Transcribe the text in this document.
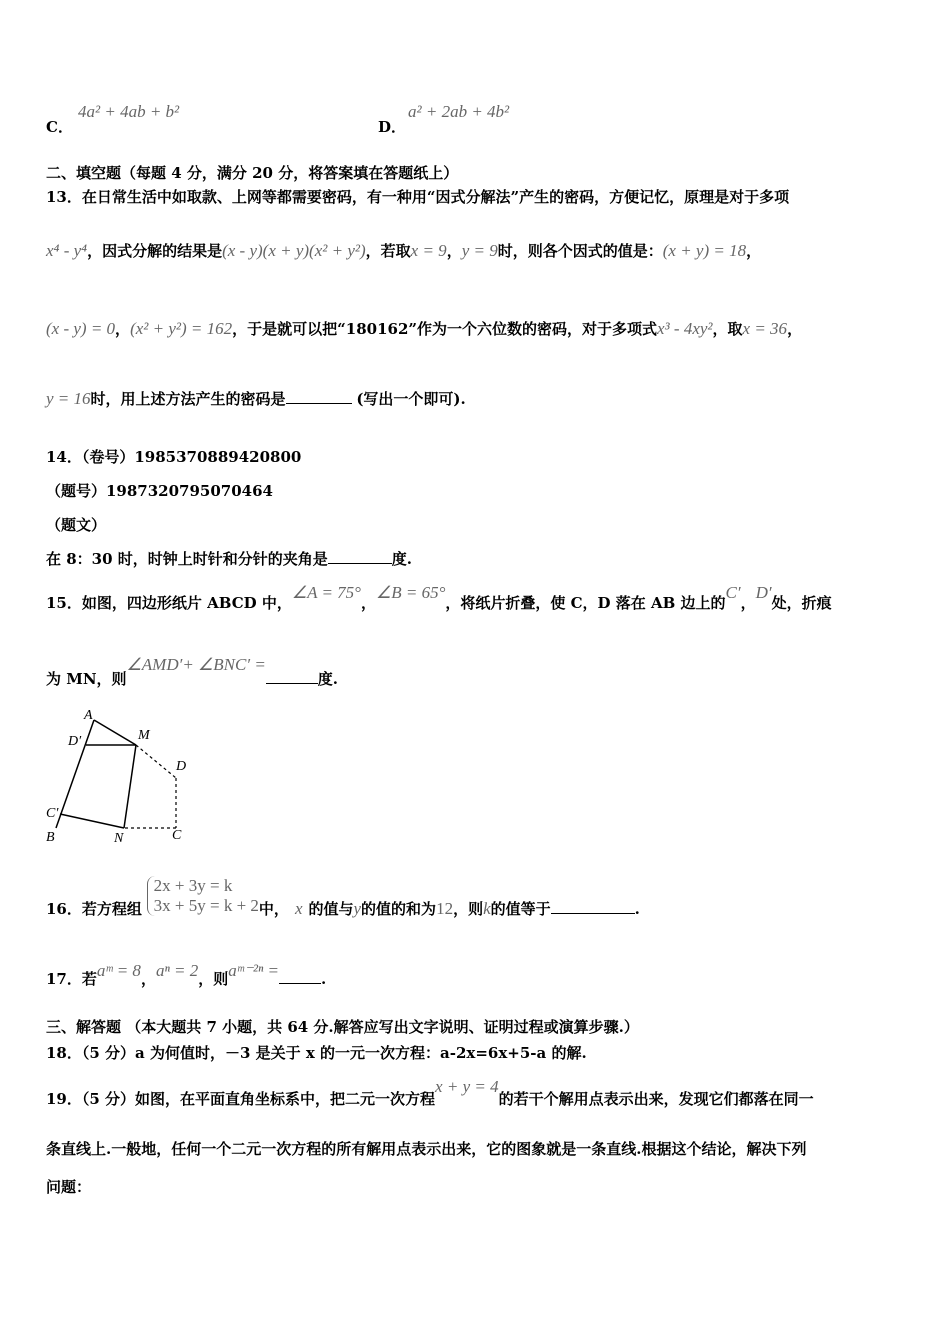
C．
4a² + 4ab + b²
D．
a² + 2ab + 4b²
二、填空题（每题 4 分，满分 20 分，将答案填在答题纸上）
13．在日常生活中如取款、上网等都需要密码，有一种用“因式分解法”产生的密码，方便记忆，原理是对于多项
x⁴ - y⁴，因式分解的结果是(x - y)(x + y)(x² + y²)，若取x = 9，y = 9时，则各个因式的值是：(x + y) = 18，
(x - y) = 0，(x² + y²) = 162，于是就可以把“180162”作为一个六位数的密码，对于多项式x³ - 4xy²，取x = 36，
y = 16时，用上述方法产生的密码是	(写出一个即可).
14．（卷号）1985370889420800
（题号）1987320795070464
（题文）
在 8：30 时，时钟上时针和分针的夹角是	度.
15．如图，四边形纸片 ABCD 中，∠A = 75°，∠B = 65°，将纸片折叠，使 C，D 落在 AB 边上的C′，D′处，折痕
为 MN，则∠AMD′+ ∠BNC′ =度.
A
D′	M
D
C′
B	N	C
16．若方程组
2x + 3y = k
3x + 5y = k + 2 中， x 的值与y的值的和为12，则k的值等于	.
17．若aᵐ = 8，aⁿ = 2，则aᵐ⁻²ⁿ =	.
三、解答题 （本大题共 7 小题，共 64 分.解答应写出文字说明、证明过程或演算步骤.）
18．（5 分）a 为何值时，－3 是关于 x 的一元一次方程：a-2x=6x+5-a 的解.
19．（5 分）如图，在平面直角坐标系中，把二元一次方程x + y = 4的若干个解用点表示出来，发现它们都落在同一
条直线上.一般地，任何一个二元一次方程的所有解用点表示出来，它的图象就是一条直线.根据这个结论，解决下列
问题：
